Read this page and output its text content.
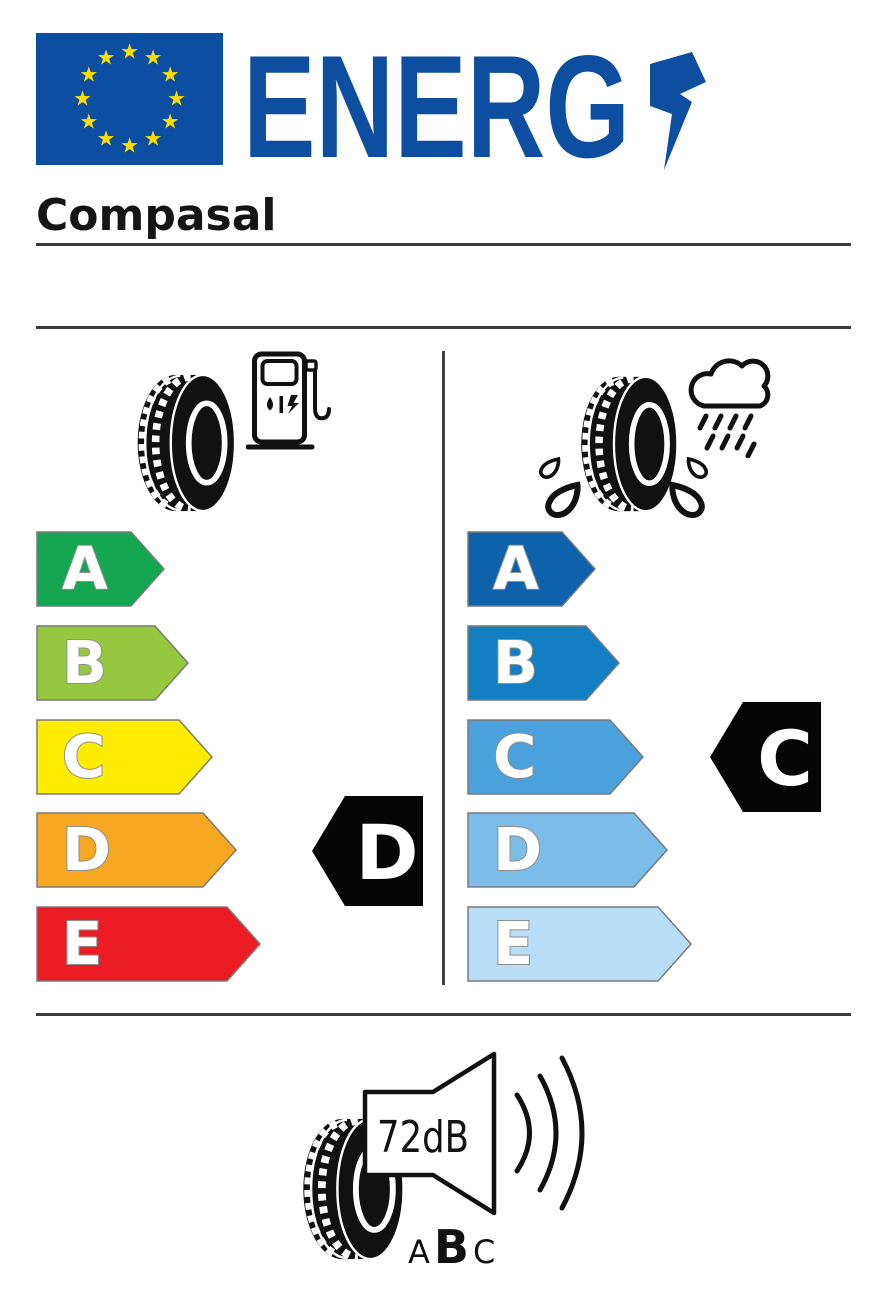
★ ★
★
★
★
★
★
★
★
★
★
★ ENERG
Compasal
A
B
C
D
E
D
A
B
C
D
E
C
72dB
A B C
